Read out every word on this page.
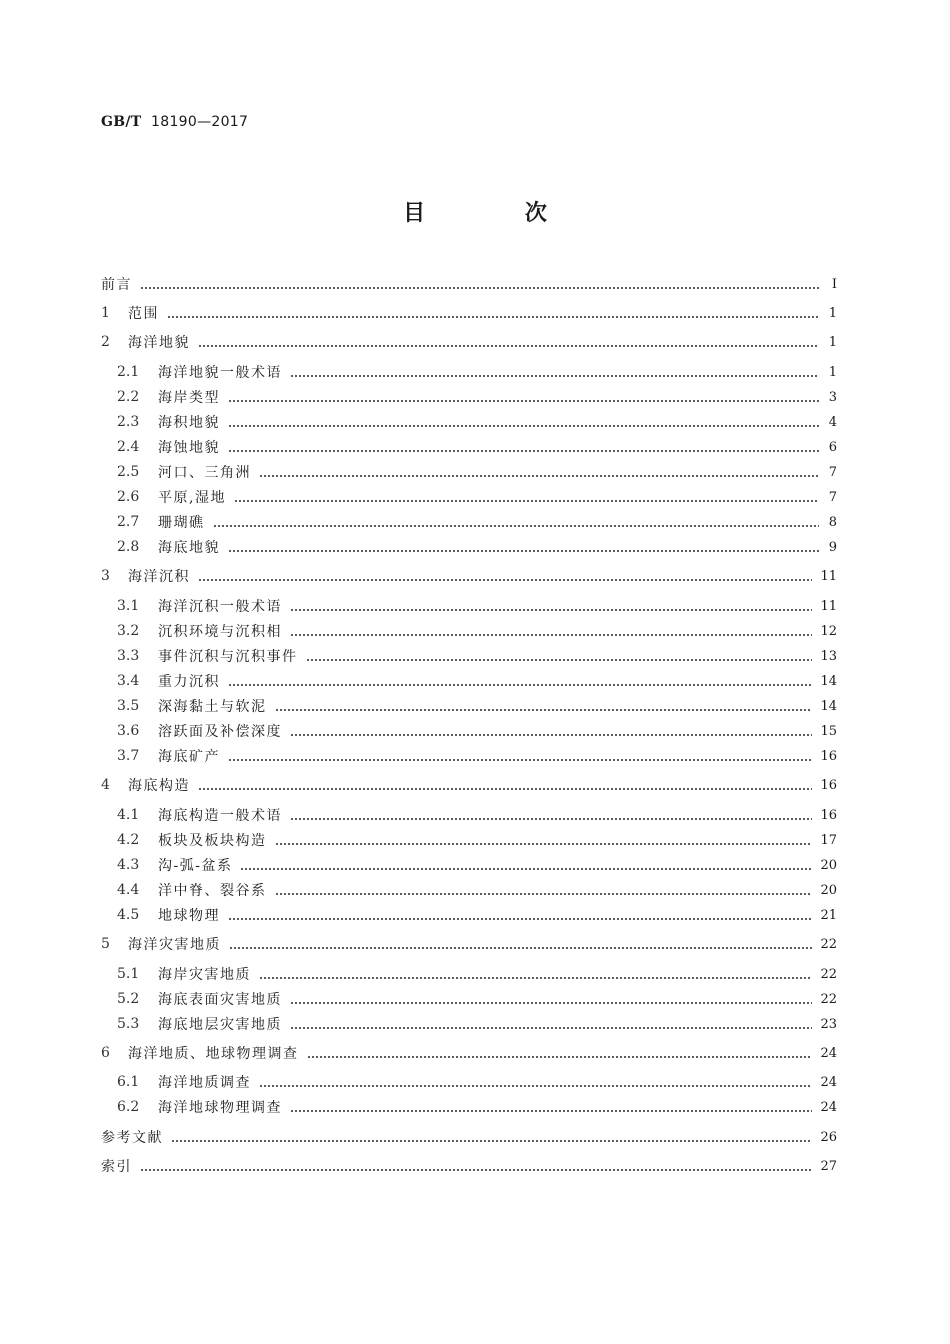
GB/T 18190—2017
目 次
前言	Ⅰ
1	范围	1
2	海洋地貌	1
2.1	海洋地貌一般术语	1
2.2	海岸类型	3
2.3	海积地貌	4
2.4	海蚀地貌	6
2.5	河口、三角洲	7
2.6	平原,湿地	7
2.7	珊瑚礁	8
2.8	海底地貌	9
3	海洋沉积	11
3.1	海洋沉积一般术语	11
3.2	沉积环境与沉积相	12
3.3	事件沉积与沉积事件	13
3.4	重力沉积	14
3.5	深海黏土与软泥	14
3.6	溶跃面及补偿深度	15
3.7	海底矿产	16
4	海底构造	16
4.1	海底构造一般术语	16
4.2	板块及板块构造	17
4.3	沟-弧-盆系	20
4.4	洋中脊、裂谷系	20
4.5	地球物理	21
5	海洋灾害地质	22
5.1	海岸灾害地质	22
5.2	海底表面灾害地质	22
5.3	海底地层灾害地质	23
6	海洋地质、地球物理调查	24
6.1	海洋地质调查	24
6.2	海洋地球物理调查	24
参考文献	26
索引	27
